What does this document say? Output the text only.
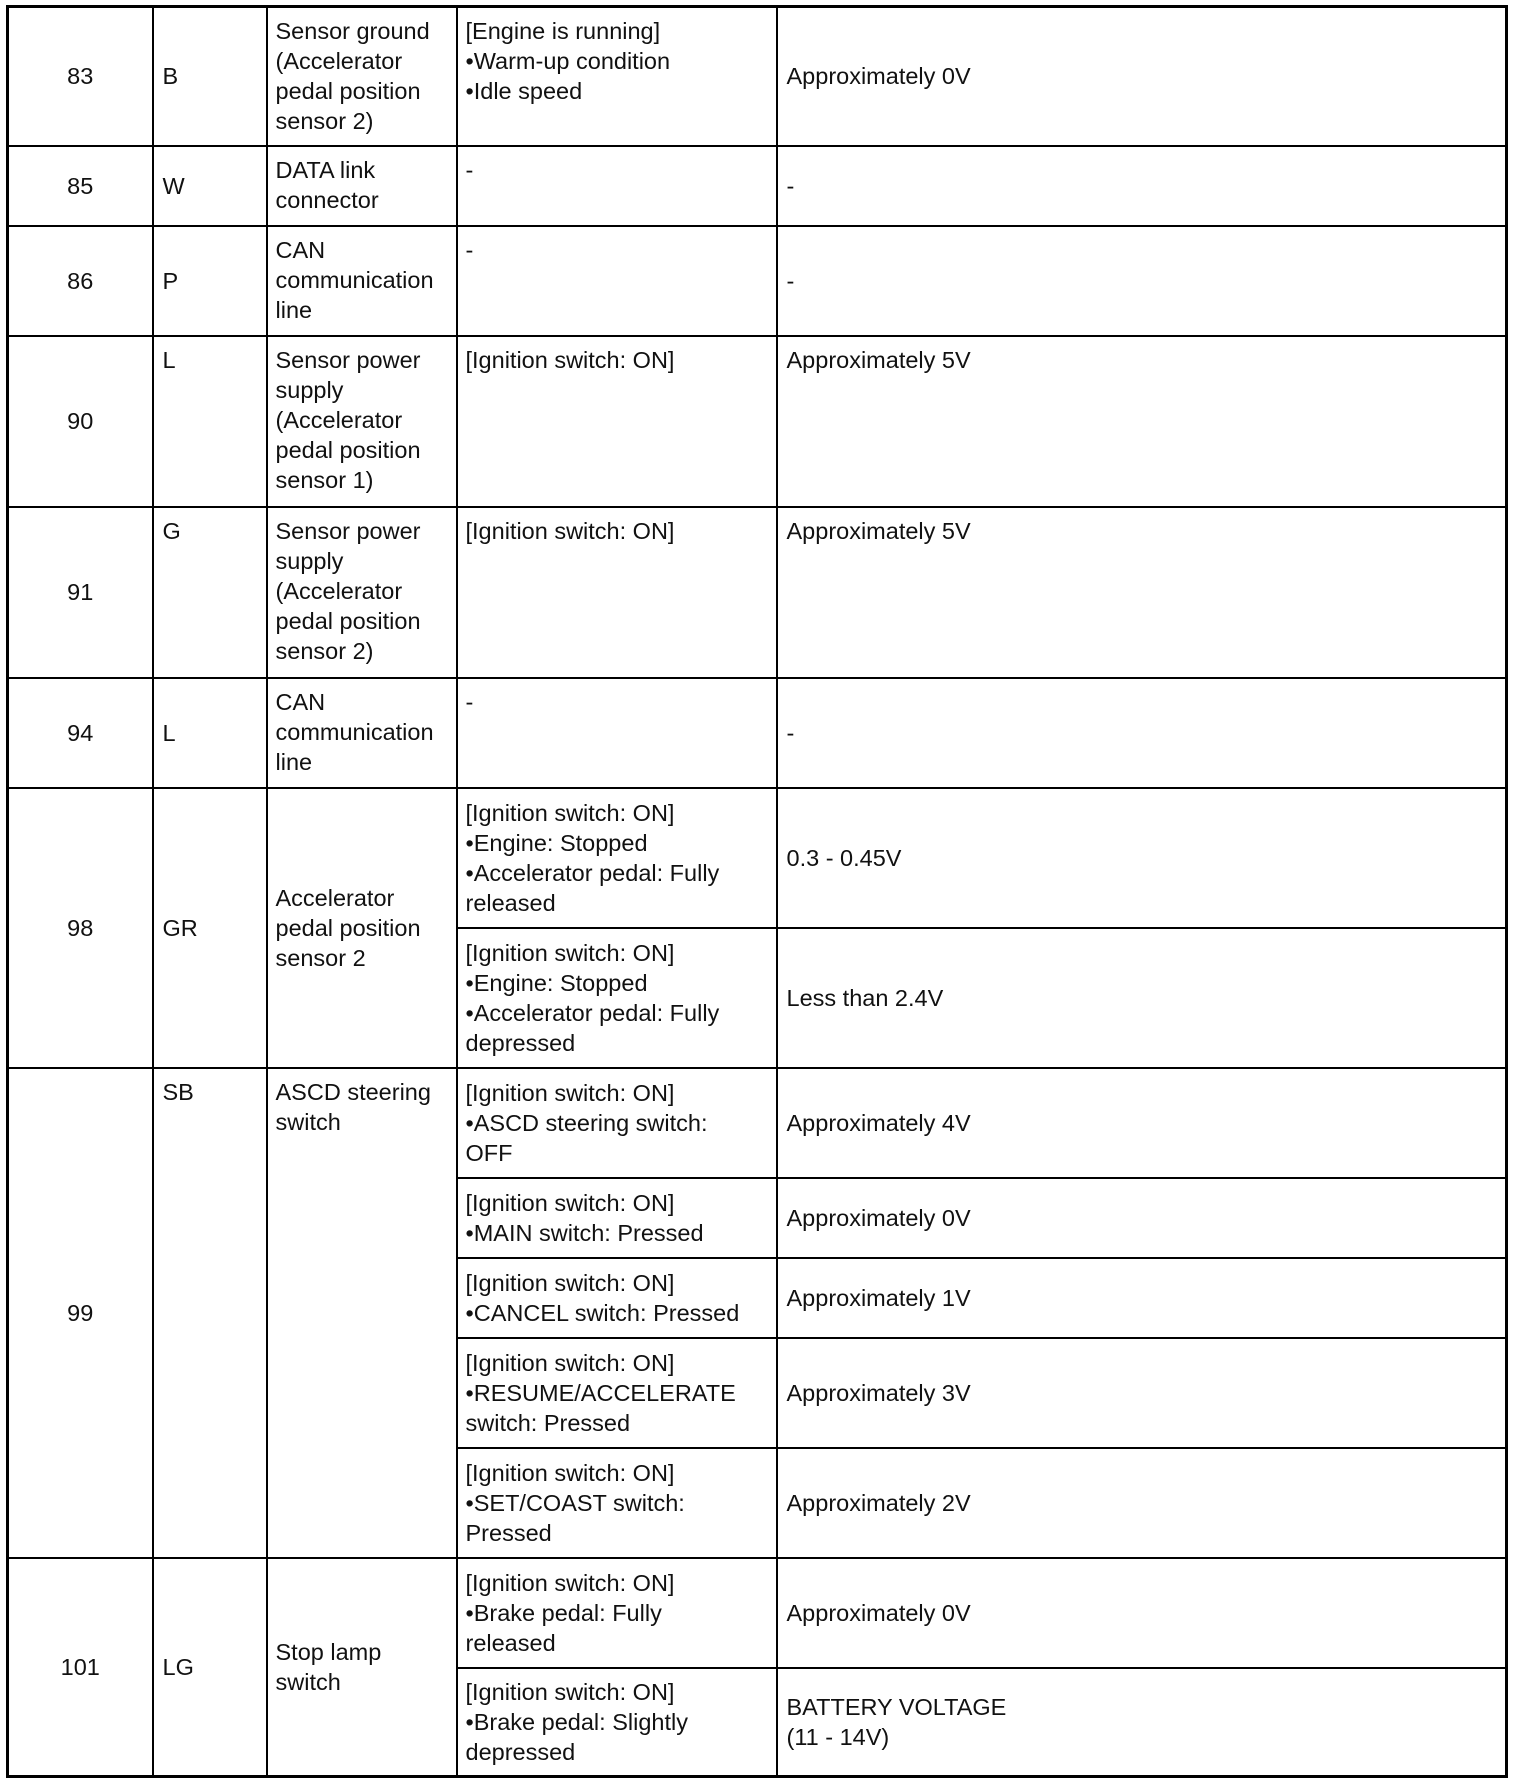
83	B	Sensor ground
(Accelerator
pedal position
sensor 2)	[Engine is running]
•Warm-up condition
•Idle speed	Approximately 0V

85	W	DATA link
connector	-	-

86	P	CAN
communication
line	-	-

90	L	Sensor power
supply
(Accelerator
pedal position
sensor 1)	[Ignition switch: ON]	Approximately 5V

91	G	Sensor power
supply
(Accelerator
pedal position
sensor 2)	[Ignition switch: ON]	Approximately 5V

94	L	CAN
communication
line	-	-

98	GR	Accelerator
pedal position
sensor 2	[Ignition switch: ON]
•Engine: Stopped
•Accelerator pedal: Fully
released	0.3 - 0.45V

			[Ignition switch: ON]
•Engine: Stopped
•Accelerator pedal: Fully
depressed	Less than 2.4V

99	SB	ASCD steering
switch	[Ignition switch: ON]
•ASCD steering switch:
OFF	Approximately 4V

			[Ignition switch: ON]
•MAIN switch: Pressed	Approximately 0V

			[Ignition switch: ON]
•CANCEL switch: Pressed	Approximately 1V

			[Ignition switch: ON]
•RESUME/ACCELERATE
switch: Pressed	Approximately 3V

			[Ignition switch: ON]
•SET/COAST switch:
Pressed	Approximately 2V

101	LG	Stop lamp
switch	[Ignition switch: ON]
•Brake pedal: Fully
released	Approximately 0V

			[Ignition switch: ON]
•Brake pedal: Slightly
depressed	BATTERY VOLTAGE
(11 - 14V)
